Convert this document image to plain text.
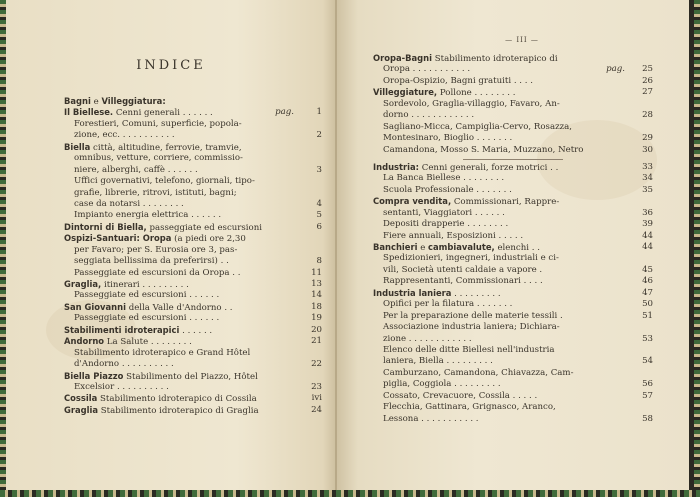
INDICE
Bagni e Villeggiatura:
Il Biellese. Cenni generali . . . . . .	pag.	1
Forestieri, Comuni, superficie, popola-
zione, ecc. . . . . . . . . . .	2
Biella città, altitudine, ferrovie, tramvie,
omnibus, vetture, corriere, commissio-
niere, alberghi, caffè . . . . . .	3
Uffici governativi, telefono, giornali, tipo-
grafie, librerie, ritrovi, istituti, bagni;
case da notarsi . . . . . . . .	4
Impianto energia elettrica . . . . . .	5
Dintorni di Biella, passeggiate ed escursioni	6
Ospizi-Santuari: Oropa (a piedi ore 2,30
per Favaro; per S. Eurosia ore 3, pas-
seggiata bellissima da preferirsi) . .	8
Passeggiate ed escursioni da Oropa . .	11
Graglia, itinerari . . . . . . . . .	13
Passeggiate ed escursioni . . . . . .	14
San Giovanni della Valle d'Andorno . .	18
Passeggiate ed escursioni . . . . . .	19
Stabilimenti idroterapici . . . . . .	20
Andorno La Salute . . . . . . . .	21
Stabilimento idroterapico e Grand Hôtel
d'Andorno . . . . . . . . . .	22
Biella Piazzo Stabilimento del Piazzo, Hôtel
Excelsior . . . . . . . . . .	23
Cossila Stabilimento idroterapico di Cossila	ivi
Graglia Stabilimento idroterapico di Graglia	24
— III —
Oropa-Bagni Stabilimento idroterapico di
Oropa . . . . . . . . . . .	pag.	25
Oropa-Ospizio, Bagni gratuiti . . . .	26
Villeggiature, Pollone . . . . . . . .	27
Sordevolo, Graglia-villaggio, Favaro, An-
dorno . . . . . . . . . . . .	28
Sagliano-Micca, Campiglia-Cervo, Rosazza,
Montesinaro, Bioglio . . . . . . .	29
Camandona, Mosso S. Maria, Muzzano, Netro	30
Industria: Cenni generali, forze motrici . .	33
La Banca Biellese . . . . . . . .	34
Scuola Professionale . . . . . . .	35
Compra vendita, Commissionari, Rappre-
sentanti, Viaggiatori . . . . . .	36
Depositi drapperie . . . . . . . .	39
Fiere annuali, Esposizioni . . . . .	44
Banchieri e cambiavalute, elenchi . .	44
Spedizionieri, ingegneri, industriali e ci-
vili, Società utenti caldaie a vapore .	45
Rappresentanti, Commissionari . . . .	46
Industria laniera . . . . . . . . .	47
Opifici per la filatura . . . . . . .	50
Per la preparazione delle materie tessili .	51
Associazione industria laniera; Dichiara-
zione . . . . . . . . . . . .	53
Elenco delle ditte Biellesi nell'industria
laniera, Biella . . . . . . . . .	54
Camburzano, Camandona, Chiavazza, Cam-
piglia, Coggiola . . . . . . . . .	56
Cossato, Crevacuore, Cossila . . . . .	57
Flecchia, Gattinara, Grignasco, Aranco,
Lessona . . . . . . . . . . .	58
